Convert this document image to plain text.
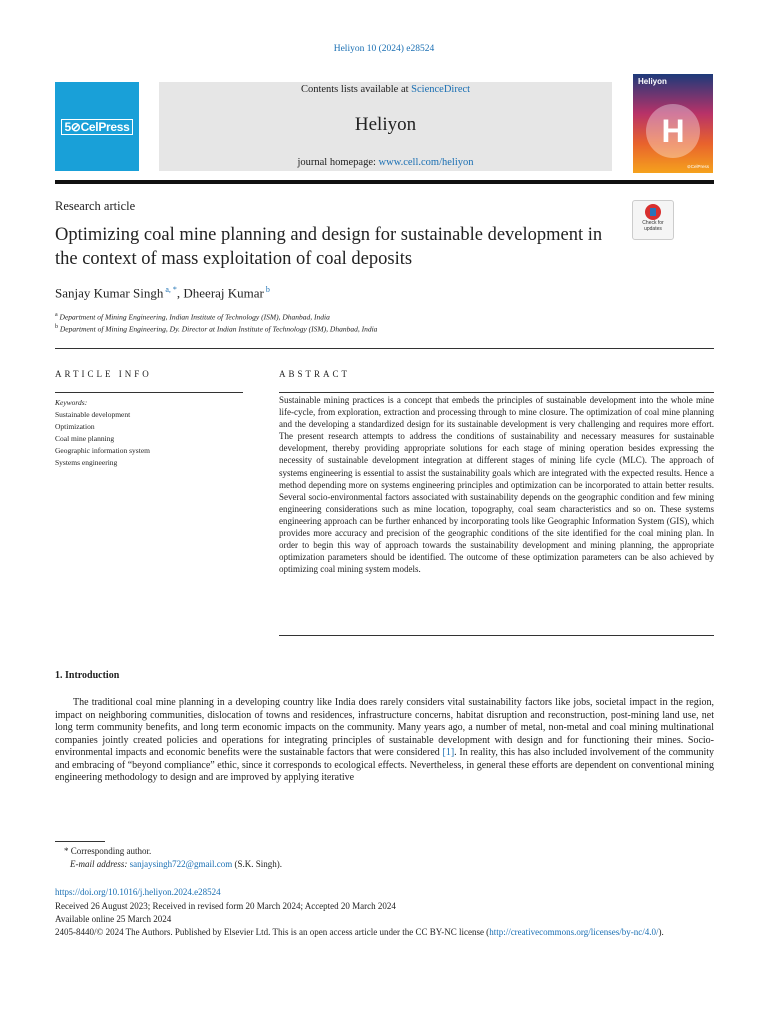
Heliyon 10 (2024) e28524
5⊘CelPress
Contents lists available at ScienceDirect
Heliyon
journal homepage: www.cell.com/heliyon
Heliyon
H
⊘CelPress
Research article
Check for
updates
Optimizing coal mine planning and design for sustainable development in the context of mass exploitation of coal deposits
Sanjay Kumar Singh $^{a, *}$, Dheeraj Kumar $^b$
$^a$ Department of Mining Engineering, Indian Institute of Technology (ISM), Dhanbad, India
$^b$ Department of Mining Engineering, Dy. Director at Indian Institute of Technology (ISM), Dhanbad, India
ARTICLE INFO	ABSTRACT
Keywords:
Sustainable development
Optimization
Coal mine planning
Geographic information system
Systems engineering
Sustainable mining practices is a concept that embeds the principles of sustainable development into the whole mine life-cycle, from exploration, extraction and processing through to mine closure. The optimization of coal mine planning and the developing a standardized design for its sustainable development is very challenging and requires more effort. The present research attempts to address the conditions of sustainability and necessary measures for sustainable development, thereby providing appropriate solutions for each stage of mining operation besides expressing the necessity of sustainable development integration at different stages of mining life cycle (MLC). The approach of systems engineering is essential to assist the sustainability goals which are integrated with the expected results. Hence a method depending more on systems engineering principles and optimization can be incorporated to attain better results. Several socio-environmental factors associated with sustainability depends on the geographic condition and few mining engineering considerations such as mine location, topography, coal seam characteristics and so on. These systems engineering approach can be further enhanced by incorporating tools like Geographic Information System (GIS), which provides more accuracy and precision of the geographic conditions of the site identified for the coal mining plan. In order to begin this way of approach towards the sustainability development and mining planning, the appropriate optimization parameters should be identified. The outcome of these optimization parameters can be also achieved by optimizing coal mining system models.
1. Introduction
The traditional coal mine planning in a developing country like India does rarely considers vital sustainability factors like jobs, societal impact in the region, impact on neighboring communities, dislocation of towns and residences, infrastructure concerns, habitat disruption and reconstruction, post-mining land use, net long term community benefits, and long term economic impacts on the community. Many years ago, a number of metal, non-metal and coal mining multinational companies jointly created policies and operations for integrating principles of sustainable development with design and for functioning their mines. Socio-environmental impacts and economic benefits were the sustainable factors that were considered [1]. In reality, this has also included involvement of the community and embracing of “beyond compliance” ethic, since it corresponds to ecological effects. Nevertheless, in general these efforts are dependent on conventional mining engineering methodology to design and are improved by applying iterative
* Corresponding author.
E-mail address: sanjaysingh722@gmail.com (S.K. Singh).
https://doi.org/10.1016/j.heliyon.2024.e28524
Received 26 August 2023; Received in revised form 20 March 2024; Accepted 20 March 2024
Available online 25 March 2024
2405-8440/© 2024 The Authors. Published by Elsevier Ltd. This is an open access article under the CC BY-NC license (http://creativecommons.org/licenses/by-nc/4.0/).
